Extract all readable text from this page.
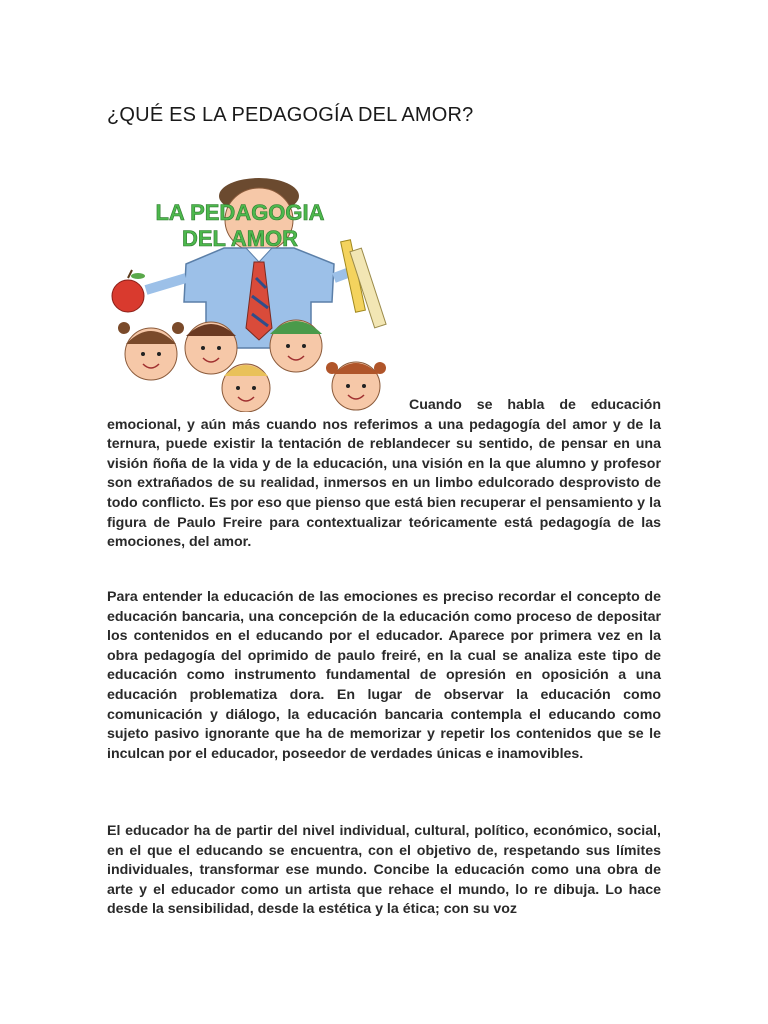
¿QUÉ ES LA PEDAGOGÍA DEL AMOR?
LA PEDAGOGIA
DEL AMOR

Cuando se habla de educación emocional, y aún más cuando nos referimos a una pedagogía del amor y de la ternura, puede existir la tentación de reblandecer su sentido, de pensar en una visión ñoña de la vida y de la educación, una visión en la que alumno y profesor son extrañados de su realidad, inmersos en un limbo edulcorado desprovisto de todo conflicto. Es por eso que pienso que está bien recuperar el pensamiento y la figura de Paulo Freire para contextualizar teóricamente está pedagogía de las emociones, del amor.

Para entender la educación de las emociones es preciso recordar el concepto de educación bancaria, una concepción de la educación como proceso de depositar los contenidos en el educando por el educador. Aparece por primera vez en la obra pedagogía del oprimido de paulo freiré, en la cual se analiza este tipo de educación como instrumento fundamental de opresión en oposición a una educación problematiza dora. En lugar de observar la educación como comunicación y diálogo, la educación bancaria contempla el educando como sujeto pasivo ignorante que ha de memorizar y repetir los contenidos que se le inculcan por el educador, poseedor de verdades únicas e inamovibles.

El educador ha de partir del nivel individual, cultural, político, económico, social, en el que el educando se encuentra, con el objetivo de, respetando sus límites individuales, transformar ese mundo. Concibe la educación como una obra de arte y el educador como un artista que rehace el mundo, lo re dibuja. Lo hace desde la sensibilidad, desde la estética y la ética; con su voz
